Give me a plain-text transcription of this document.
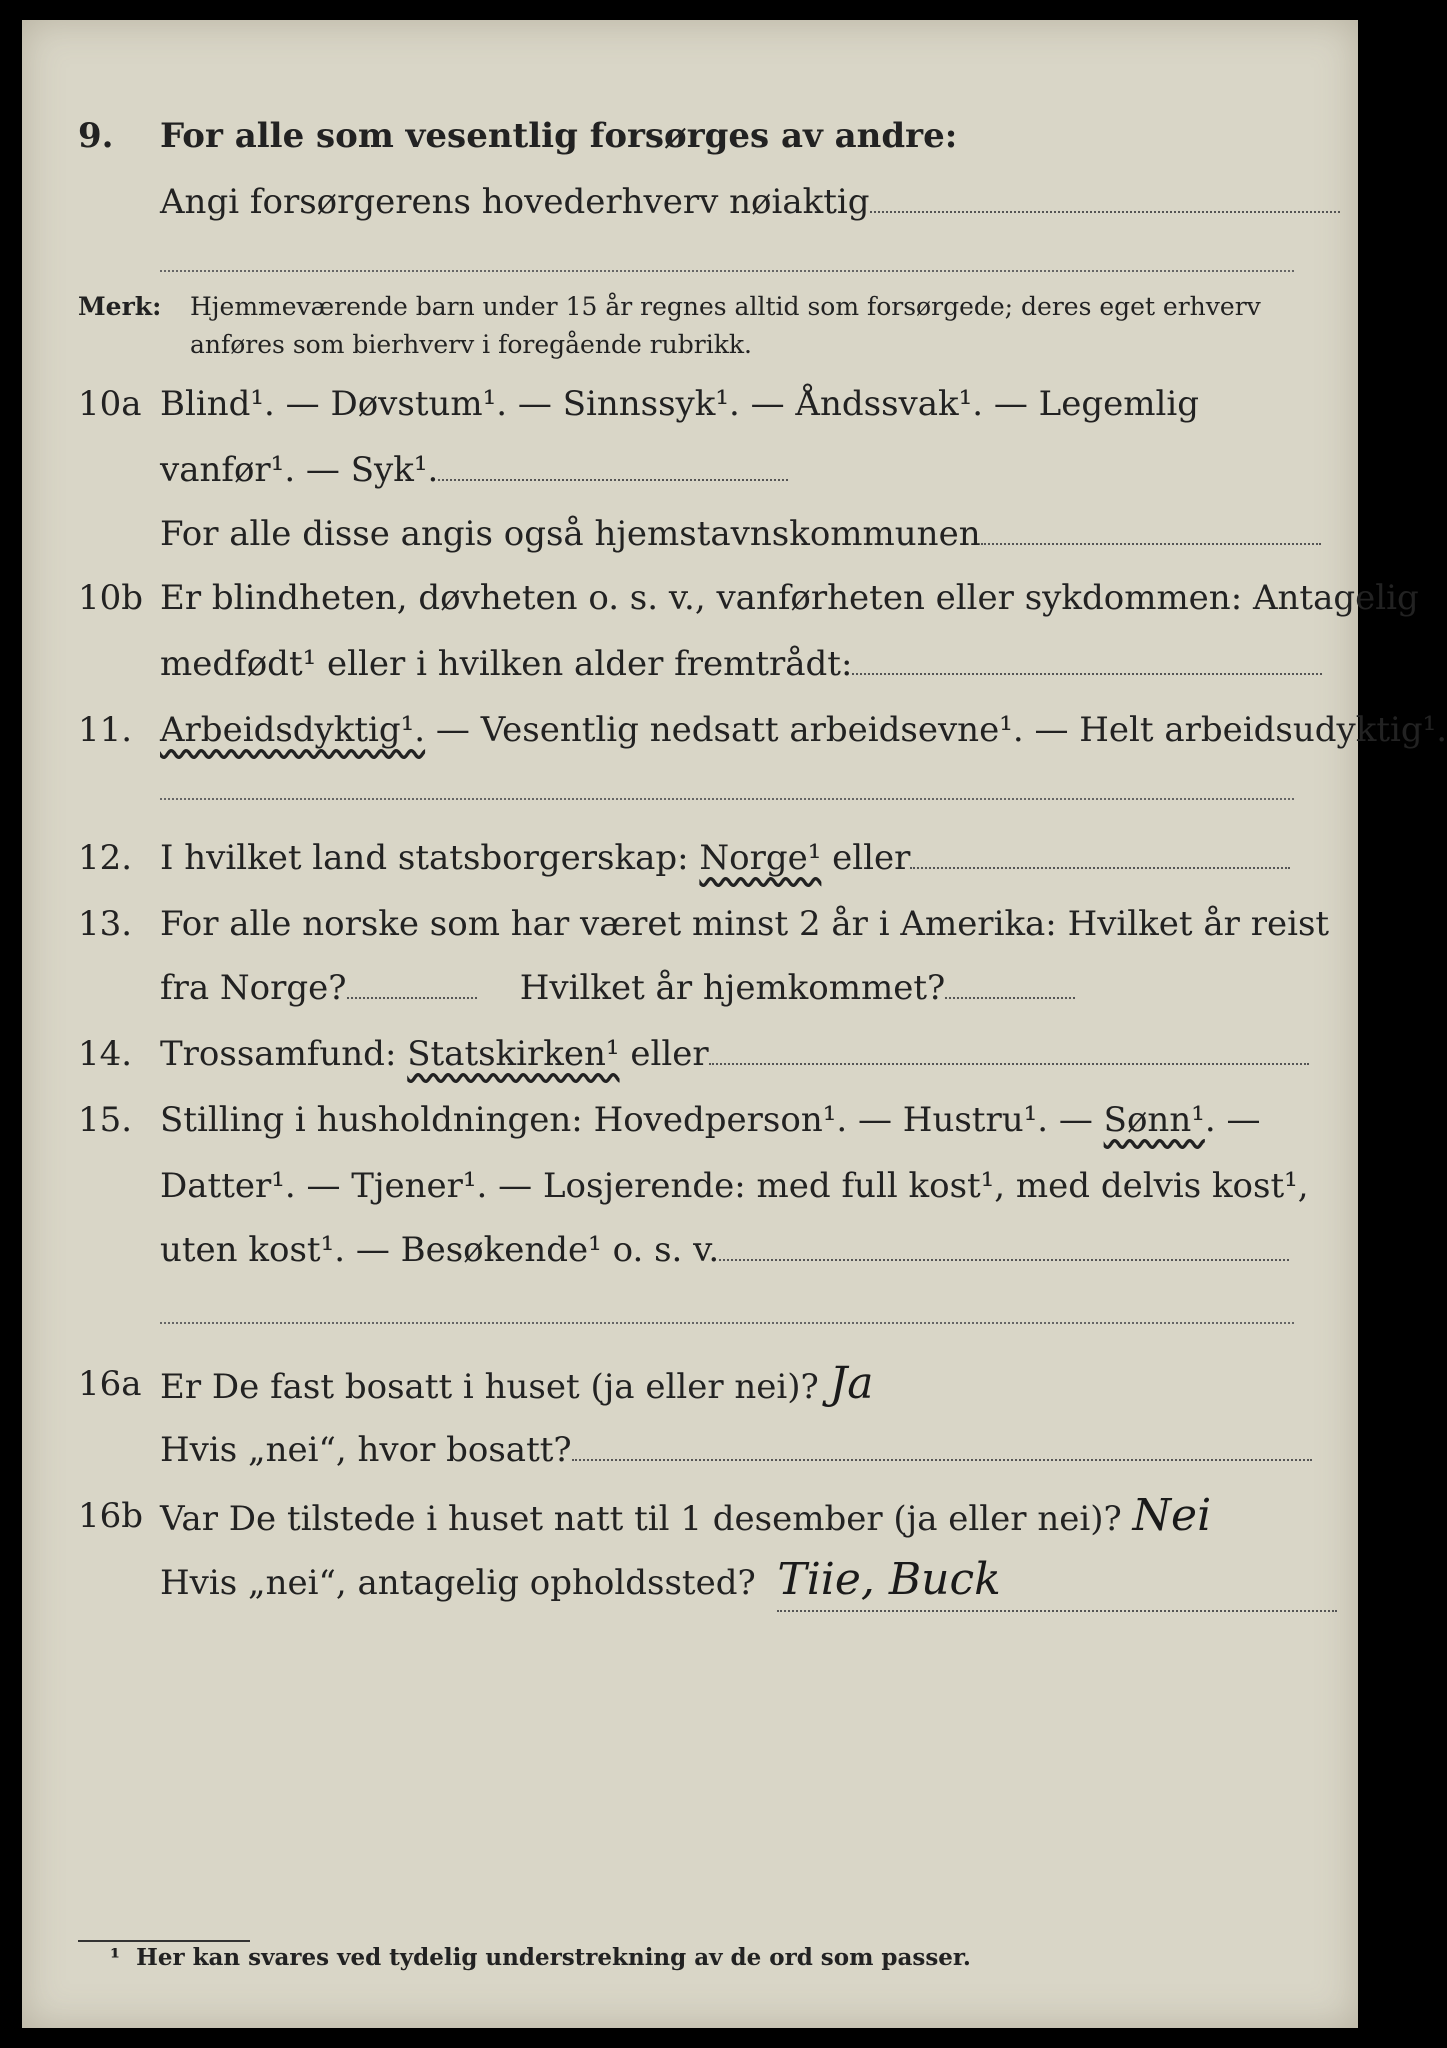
9. For alle som vesentlig forsørges av andre:
Angi forsørgerens hovederhverv nøiaktig
Merk: Hjemmeværende barn under 15 år regnes alltid som forsørgede; deres eget erhverv anføres som bierhverv i foregående rubrikk.
10a Blind¹. — Døvstum¹. — Sinnssyk¹. — Åndssvak¹. — Legemlig
vanfør¹. — Syk¹.
For alle disse angis også hjemstavnskommunen
10b Er blindheten, døvheten o. s. v., vanførheten eller sykdommen: Antagelig
medfødt¹ eller i hvilken alder fremtrådt:
11. Arbeidsdyktig¹. — Vesentlig nedsatt arbeidsevne¹. — Helt arbeidsudyktig¹.
12. I hvilket land statsborgerskap: Norge¹ eller
13. For alle norske som har været minst 2 år i Amerika: Hvilket år reist
fra Norge?	Hvilket år hjemkommet?
14. Trossamfund: Statskirken¹ eller
15. Stilling i husholdningen: Hovedperson¹. — Hustru¹. — Sønn¹. —
Datter¹. — Tjener¹. — Losjerende: med full kost¹, med delvis kost¹,
uten kost¹. — Besøkende¹ o. s. v.
16a Er De fast bosatt i huset (ja eller nei)? Ja
Hvis „nei“, hvor bosatt?
16b Var De tilstede i huset natt til 1 desember (ja eller nei)? Nei
Hvis „nei“, antagelig opholdssted? Tiie, Buck
¹ Her kan svares ved tydelig understrekning av de ord som passer.
